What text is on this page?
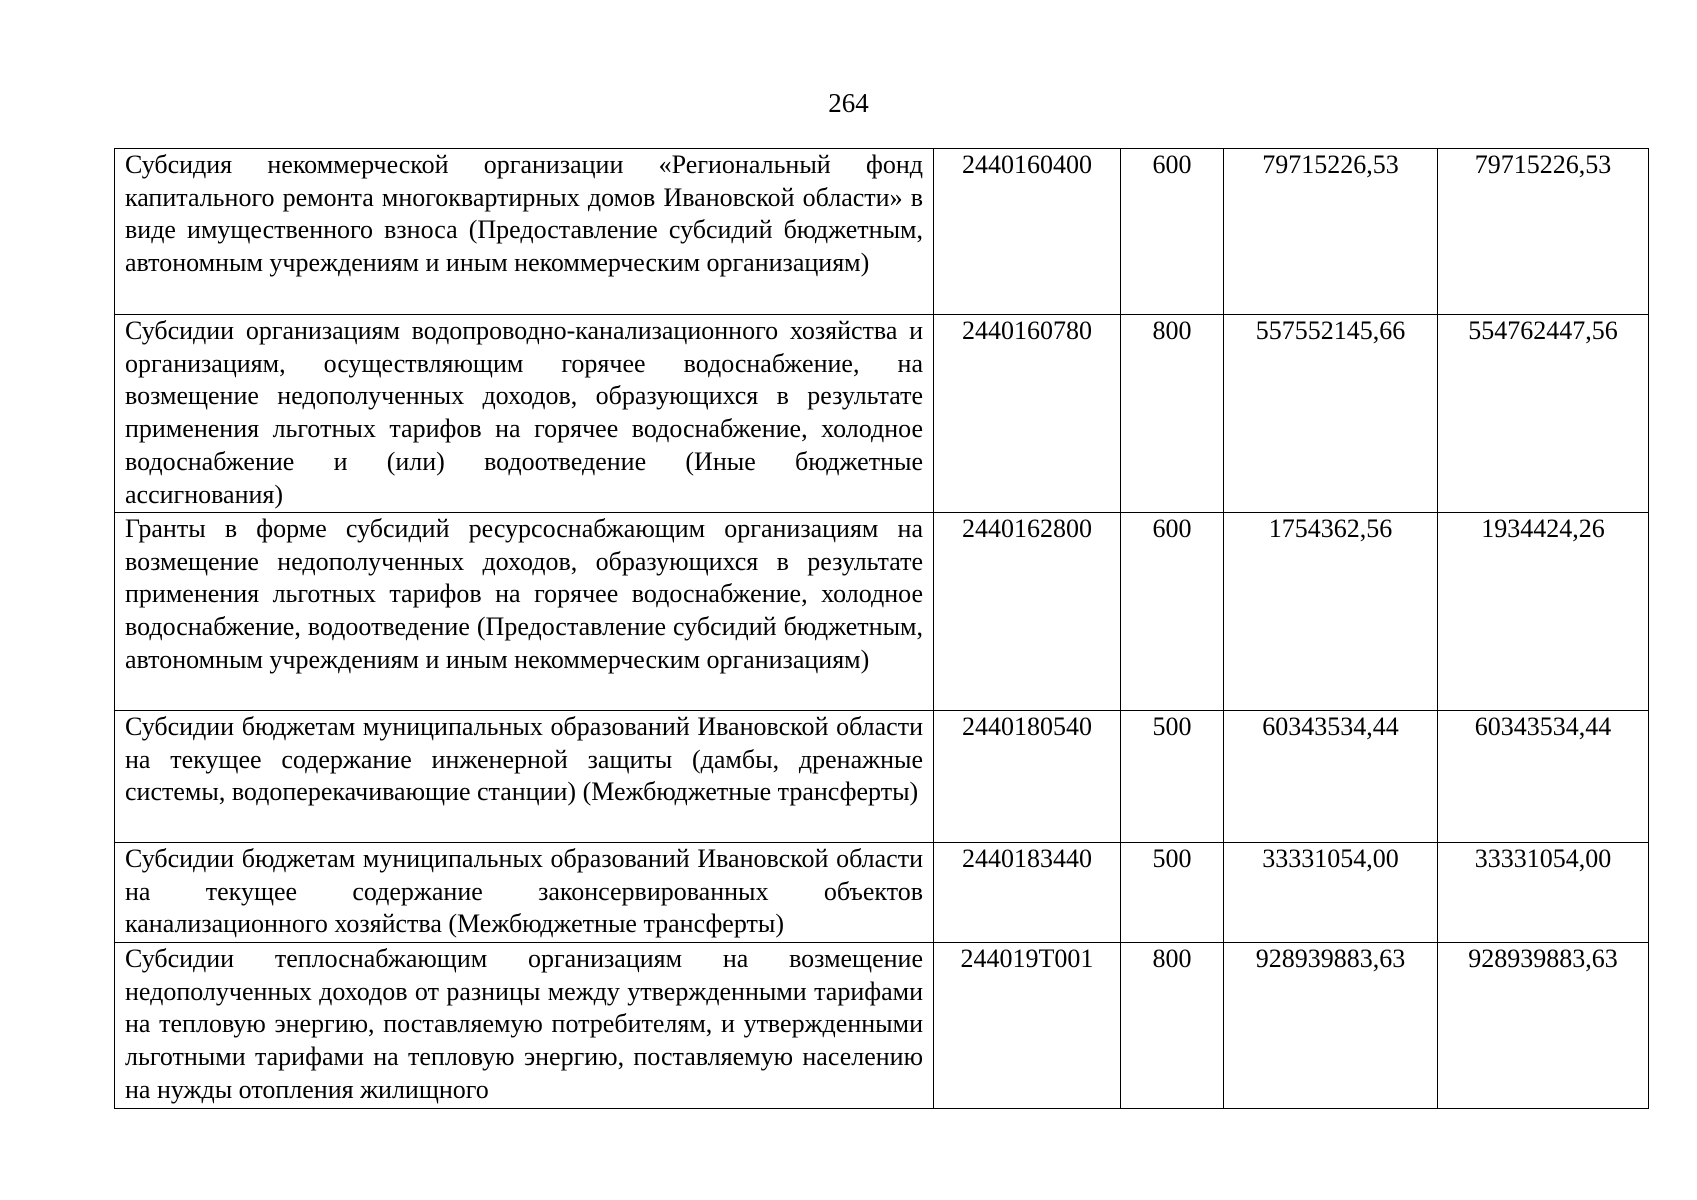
264
Субсидия некоммерческой организации «Региональный фонд капитального ремонта многоквартирных домов Ивановской области» в виде имущественного взноса (Предоставление субсидий бюджетным, автономным учреждениям и иным некоммерческим организациям)	2440160400	600	79715226,53	79715226,53
Субсидии организациям водопроводно-канализационного хозяйства и организациям, осуществляющим горячее водоснабжение, на возмещение недополученных доходов, образующихся в результате применения льготных тарифов на горячее водоснабжение, холодное водоснабжение и (или) водоотведение (Иные бюджетные ассигнования)	2440160780	800	557552145,66	554762447,56
Гранты в форме субсидий ресурсоснабжающим организациям на возмещение недополученных доходов, образующихся в результате применения льготных тарифов на горячее водоснабжение, холодное водоснабжение, водоотведение (Предоставление субсидий бюджетным, автономным учреждениям и иным некоммерческим организациям)	2440162800	600	1754362,56	1934424,26
Субсидии бюджетам муниципальных образований Ивановской области на текущее содержание инженерной защиты (дамбы, дренажные системы, водоперекачивающие станции) (Межбюджетные трансферты)	2440180540	500	60343534,44	60343534,44
Субсидии бюджетам муниципальных образований Ивановской области на текущее содержание законсервированных объектов канализационного хозяйства (Межбюджетные трансферты)	2440183440	500	33331054,00	33331054,00
Субсидии теплоснабжающим организациям на возмещение недополученных доходов от разницы между утвержденными тарифами на тепловую энергию, поставляемую потребителям, и утвержденными льготными тарифами на тепловую энергию, поставляемую населению на нужды отопления жилищного	244019Т001	800	928939883,63	928939883,63
